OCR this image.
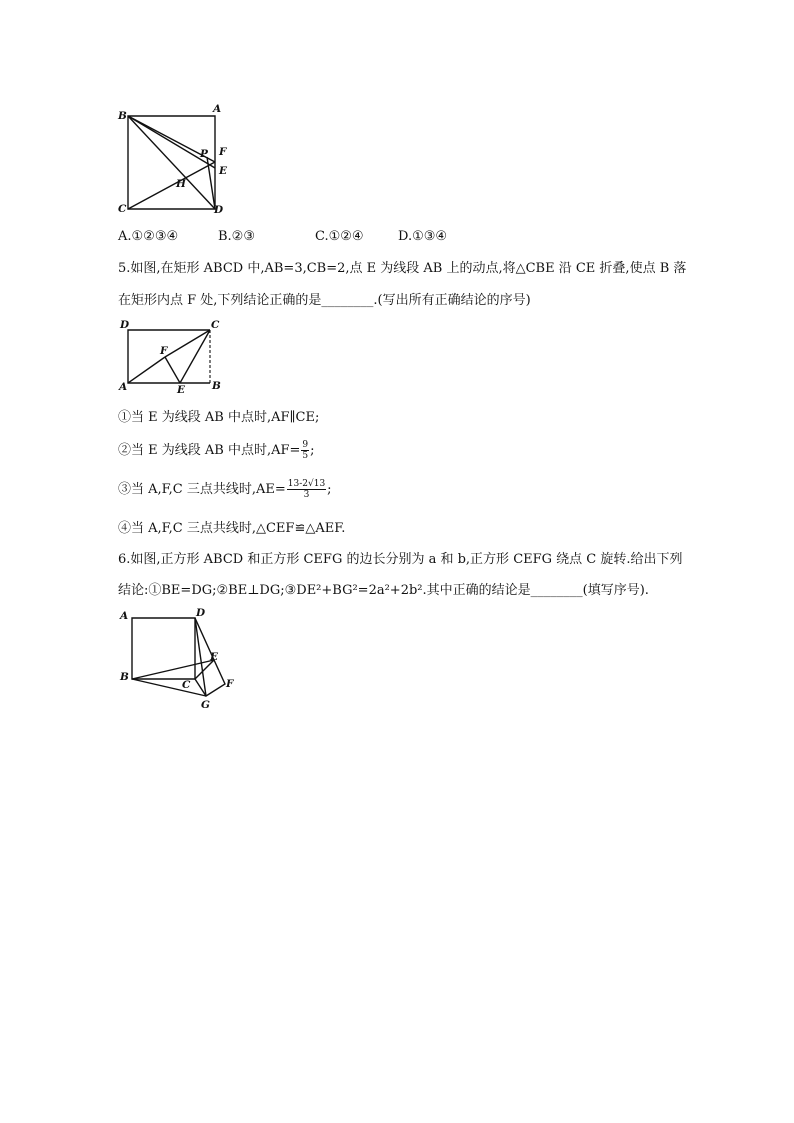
B
A
C	D
P F
E
H
A.①②③④	B.②③	C.①②④	D.①③④
5.如图,在矩形 ABCD 中,AB=3,CB=2,点 E 为线段 AB 上的动点,将△CBE 沿 CE 折叠,使点 B 落
在矩形内点 F 处,下列结论正确的是________.(写出所有正确结论的序号)
D	C
F
A	E	B
①当 E 为线段 AB 中点时,AF∥CE;
②当 E 为线段 AB 中点时$,AF= \frac{9}{5}$ ;
③当 A,F,C 三点共线时$,AE= \frac{13-2√13}{3}$ ;
④当 A,F,C 三点共线时,△CEF≌△AEF.
6.如图,正方形 ABCD 和正方形 CEFG 的边长分别为 a 和 b,正方形 CEFG 绕点 C 旋转.给出下列
结论:①BE=DG;②BE⊥DG;③DE²+BG²=2a²+2b².其中正确的结论是________(填写序号).
A	D
E
B
C	F
G
